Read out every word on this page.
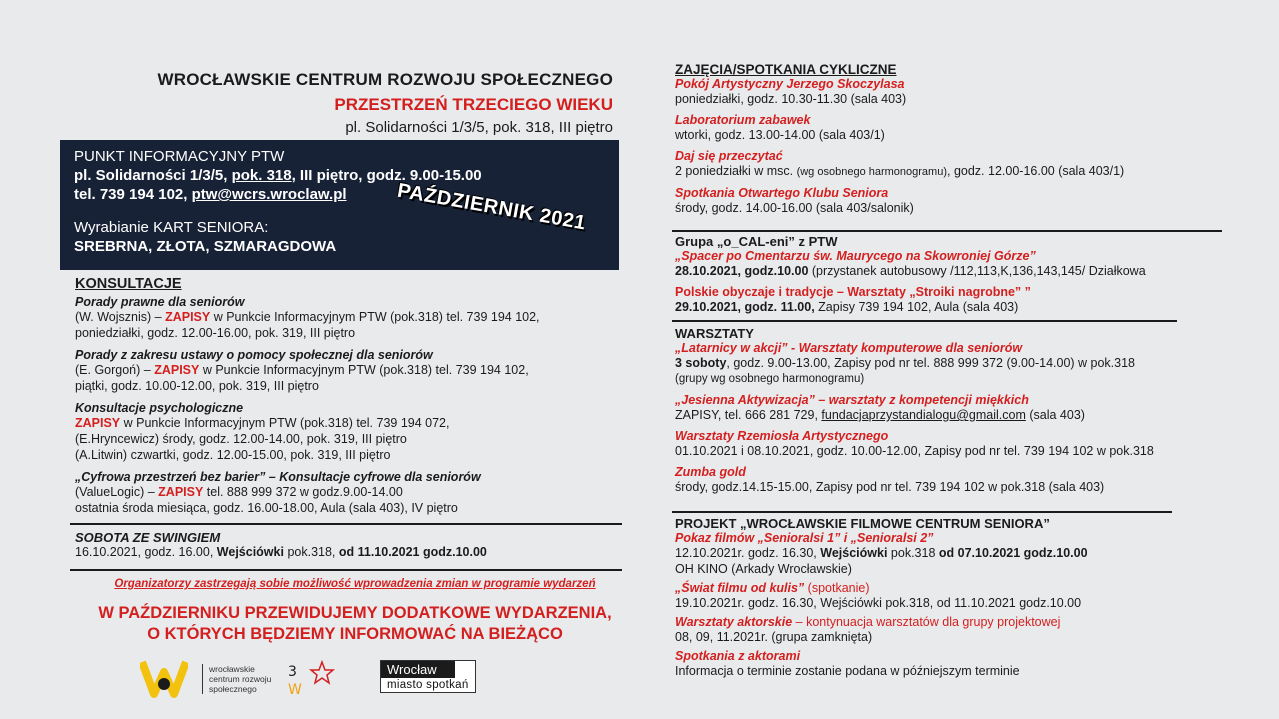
WROCŁAWSKIE CENTRUM ROZWOJU SPOŁECZNEGO
PRZESTRZEŃ TRZECIEGO WIEKU
pl. Solidarności 1/3/5, pok. 318, III piętro
PUNKT INFORMACYJNY PTW
pl. Solidarności 1/3/5, pok. 318, III piętro, godz. 9.00-15.00
tel. 739 194 102, ptw@wcrs.wroclaw.pl
Wyrabianie KART SENIORA:
SREBRNA, ZŁOTA, SZMARAGDOWA
PAŹDZIERNIK 2021
KONSULTACJE
Porady prawne dla seniorów
(W. Wojsznis) – ZAPISY w Punkcie Informacyjnym PTW (pok.318) tel. 739 194 102,
poniedziałki, godz. 12.00-16.00, pok. 319, III piętro
Porady z zakresu ustawy o pomocy społecznej dla seniorów
(E. Gorgoń) – ZAPISY w Punkcie Informacyjnym PTW (pok.318) tel. 739 194 102,
piątki, godz. 10.00-12.00, pok. 319, III piętro
Konsultacje psychologiczne
ZAPISY w Punkcie Informacyjnym PTW (pok.318) tel. 739 194 072,
(E.Hryncewicz) środy, godz. 12.00-14.00, pok. 319, III piętro
(A.Litwin) czwartki, godz. 12.00-15.00, pok. 319, III piętro
„Cyfrowa przestrzeń bez barier” – Konsultacje cyfrowe dla seniorów
(ValueLogic) – ZAPISY tel. 888 999 372 w godz.9.00-14.00
ostatnia środa miesiąca, godz. 16.00-18.00, Aula (sala 403), IV piętro
SOBOTA ZE SWINGIEM
16.10.2021, godz. 16.00, Wejściówki pok.318, od 11.10.2021 godz.10.00
Organizatorzy zastrzegają sobie możliwość wprowadzenia zmian w programie wydarzeń
W PAŹDZIERNIKU PRZEWIDUJEMY DODATKOWE WYDARZENIA,
O KTÓRYCH BĘDZIEMY INFORMOWAĆ NA BIEŻĄCO
wrocławskie
centrum rozwoju
społecznego
3
W
Wrocław
miasto spotkań
ZAJĘCIA/SPOTKANIA CYKLICZNE
Pokój Artystyczny Jerzego Skoczylasa
poniedziałki, godz. 10.30-11.30 (sala 403)
Laboratorium zabawek
wtorki, godz. 13.00-14.00 (sala 403/1)
Daj się przeczytać
2 poniedziałki w msc. (wg osobnego harmonogramu), godz. 12.00-16.00 (sala 403/1)
Spotkania Otwartego Klubu Seniora
środy, godz. 14.00-16.00 (sala 403/salonik)
Grupa „o_CAL-eni” z PTW
„Spacer po Cmentarzu św. Maurycego na Skowroniej Górze”
28.10.2021, godz.10.00 (przystanek autobusowy /112,113,K,136,143,145/ Działkowa
Polskie obyczaje i tradycje – Warsztaty „Stroiki nagrobne” ”
29.10.2021, godz. 11.00, Zapisy 739 194 102, Aula (sala 403)
WARSZTATY
„Latarnicy w akcji” - Warsztaty komputerowe dla seniorów
3 soboty, godz. 9.00-13.00, Zapisy pod nr tel. 888 999 372 (9.00-14.00) w pok.318
(grupy wg osobnego harmonogramu)
„Jesienna Aktywizacja” – warsztaty z kompetencji miękkich
ZAPISY, tel. 666 281 729, fundacjaprzystandialogu@gmail.com (sala 403)
Warsztaty Rzemiosła Artystycznego
01.10.2021 i 08.10.2021, godz. 10.00-12.00, Zapisy pod nr tel. 739 194 102 w pok.318
Zumba gold
środy, godz.14.15-15.00, Zapisy pod nr tel. 739 194 102 w pok.318 (sala 403)
PROJEKT „WROCŁAWSKIE FILMOWE CENTRUM SENIORA”
Pokaz filmów „Senioralsi 1” i „Senioralsi 2”
12.10.2021r. godz. 16.30, Wejściówki pok.318 od 07.10.2021 godz.10.00
OH KINO (Arkady Wrocławskie)
„Świat filmu od kulis” (spotkanie)
19.10.2021r. godz. 16.30, Wejściówki pok.318, od 11.10.2021 godz.10.00
Warsztaty aktorskie – kontynuacja warsztatów dla grupy projektowej
08, 09, 11.2021r. (grupa zamknięta)
Spotkania z aktorami
Informacja o terminie zostanie podana w późniejszym terminie
